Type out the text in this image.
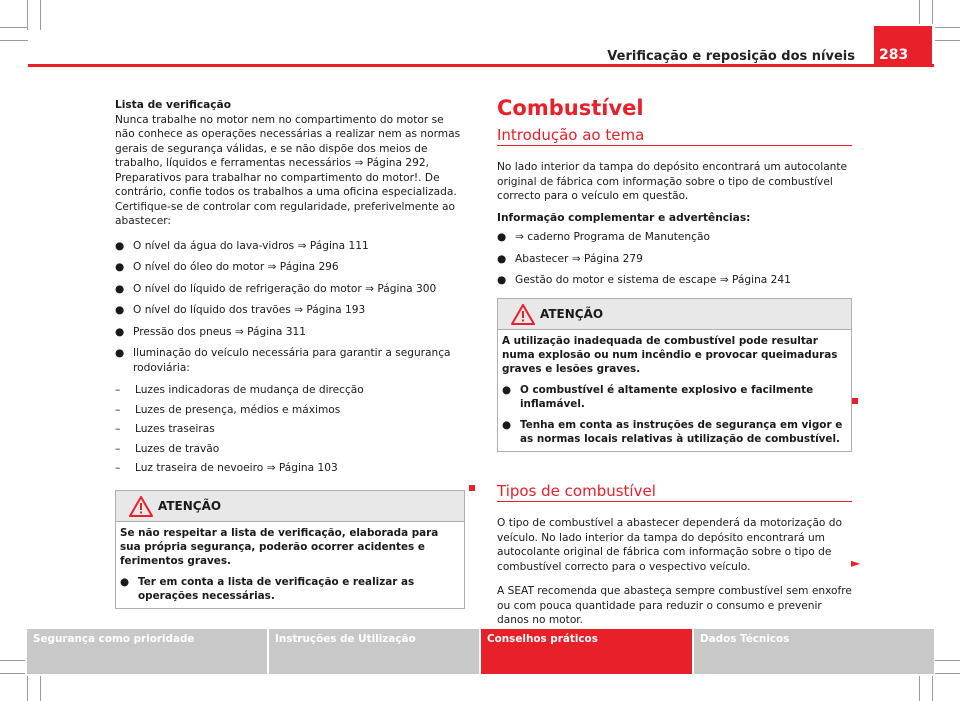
Verificação e reposição dos níveis	283

Lista de verificação

Nunca trabalhe no motor nem no compartimento do motor se não conhece as operações necessárias a realizar nem as normas gerais de segurança válidas, e se não dispõe dos meios de trabalho, líquidos e ferramentas necessários ⇒ Página 292, Preparativos para trabalhar no compartimento do motor!. De contrário, confie todos os trabalhos a uma oficina especializada. Certifique-se de controlar com regularidade, preferivelmente ao abastecer:

● O nível da água do lava-vidros ⇒ Página 111
● O nível do óleo do motor ⇒ Página 296
● O nível do líquido de refrigeração do motor ⇒ Página 300
● O nível do líquido dos travões ⇒ Página 193
● Pressão dos pneus ⇒ Página 311
● Iluminação do veículo necessária para garantir a segurança rodoviária:
– Luzes indicadoras de mudança de direcção
– Luzes de presença, médios e máximos
– Luzes traseiras
– Luzes de travão
– Luz traseira de nevoeiro ⇒ Página 103
ATENÇÃO

Se não respeitar a lista de verificação, elaborada para sua própria segurança, poderão ocorrer acidentes e ferimentos graves.

● Ter em conta a lista de verificação e realizar as operações necessárias.
Combustível
Introdução ao tema

No lado interior da tampa do depósito encontrará um autocolante original de fábrica com informação sobre o tipo de combustível correcto para o veículo em questão.

Informação complementar e advertências:

● ⇒ caderno Programa de Manutenção
● Abastecer ⇒ Página 279
● Gestão do motor e sistema de escape ⇒ Página 241
ATENÇÃO

A utilização inadequada de combustível pode resultar numa explosão ou num incêndio e provocar queimaduras graves e lesões graves.

● O combustível é altamente explosivo e facilmente inflamável.
● Tenha em conta as instruções de segurança em vigor e as normas locais relativas à utilização de combustível.
Tipos de combustível

O tipo de combustível a abastecer dependerá da motorização do veículo. No lado interior da tampa do depósito encontrará um autocolante original de fábrica com informação sobre o tipo de combustível correcto para o vespectivo veículo.

A SEAT recomenda que abasteça sempre combustível sem enxofre ou com pouca quantidade para reduzir o consumo e prevenir danos no motor.

►
Segurança como prioridade	Instruções de Utilização	Conselhos práticos	Dados Técnicos
